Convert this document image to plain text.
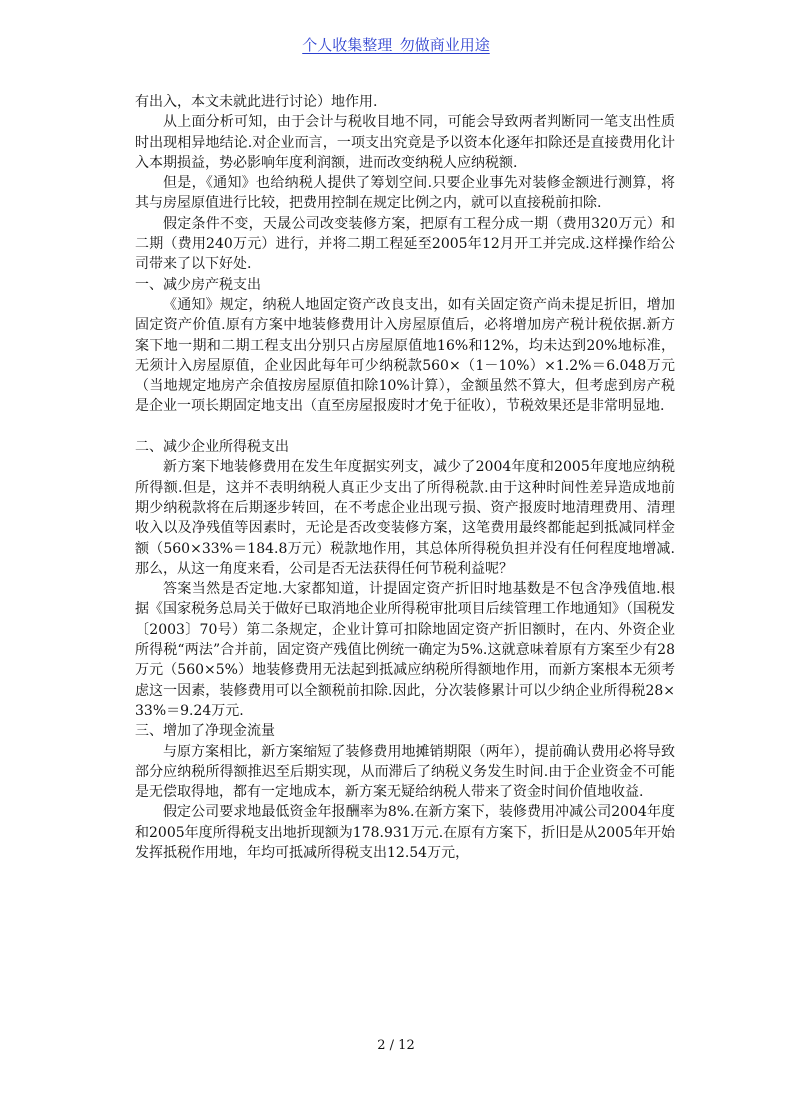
个人收集整理_勿做商业用途

有出入，本文未就此进行讨论）地作用.

从上面分析可知，由于会计与税收目地不同，可能会导致两者判断同一笔支出性质时出现相异地结论.对企业而言，一项支出究竟是予以资本化逐年扣除还是直接费用化计入本期损益，势必影响年度利润额，进而改变纳税人应纳税额.

但是，《通知》也给纳税人提供了筹划空间.只要企业事先对装修金额进行测算，将其与房屋原值进行比较，把费用控制在规定比例之内，就可以直接税前扣除.

假定条件不变，天晟公司改变装修方案，把原有工程分成一期（费用320万元）和二期（费用240万元）进行，并将二期工程延至2005年12月开工并完成.这样操作给公司带来了以下好处.

一、减少房产税支出

《通知》规定，纳税人地固定资产改良支出，如有关固定资产尚未提足折旧，增加固定资产价值.原有方案中地装修费用计入房屋原值后，必将增加房产税计税依据.新方案下地一期和二期工程支出分别只占房屋原值地16%和12%，均未达到20%地标准，无须计入房屋原值，企业因此每年可少纳税款560×（1－10%）×1.2%＝6.048万元（当地规定地房产余值按房屋原值扣除10%计算），金额虽然不算大，但考虑到房产税是企业一项长期固定地支出（直至房屋报废时才免于征收），节税效果还是非常明显地.

二、减少企业所得税支出

新方案下地装修费用在发生年度据实列支，减少了2004年度和2005年度地应纳税所得额.但是，这并不表明纳税人真正少支出了所得税款.由于这种时间性差异造成地前期少纳税款将在后期逐步转回，在不考虑企业出现亏损、资产报废时地清理费用、清理收入以及净残值等因素时，无论是否改变装修方案，这笔费用最终都能起到抵减同样金额（560×33%＝184.8万元）税款地作用，其总体所得税负担并没有任何程度地增减.那么，从这一角度来看，公司是否无法获得任何节税利益呢？

答案当然是否定地.大家都知道，计提固定资产折旧时地基数是不包含净残值地.根据《国家税务总局关于做好已取消地企业所得税审批项目后续管理工作地通知》（国税发〔2003〕70号）第二条规定，企业计算可扣除地固定资产折旧额时，在内、外资企业所得税“两法”合并前，固定资产残值比例统一确定为5%.这就意味着原有方案至少有28万元（560×5%）地装修费用无法起到抵减应纳税所得额地作用，而新方案根本无须考虑这一因素，装修费用可以全额税前扣除.因此，分次装修累计可以少纳企业所得税28×33%＝9.24万元.

三、增加了净现金流量

与原方案相比，新方案缩短了装修费用地摊销期限（两年），提前确认费用必将导致部分应纳税所得额推迟至后期实现，从而滞后了纳税义务发生时间.由于企业资金不可能是无偿取得地，都有一定地成本，新方案无疑给纳税人带来了资金时间价值地收益.

假定公司要求地最低资金年报酬率为8%.在新方案下，装修费用冲减公司2004年度和2005年度所得税支出地折现额为178.931万元.在原有方案下，折旧是从2005年开始发挥抵税作用地，年均可抵减所得税支出12.54万元，

2 / 12
